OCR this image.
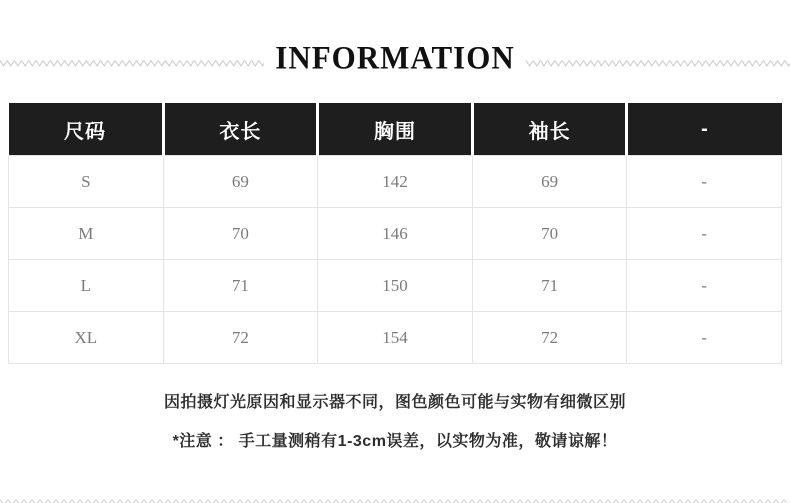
INFORMATION
尺码	衣长	胸围	袖长	-
S	69	142	69	-
M	70	146	70	-
L	71	150	71	-
XL	72	154	72	-
因拍摄灯光原因和显示器不同，图色颜色可能与实物有细微区别
*注意 ： 手工量测稍有1-3cm误差，以实物为准，敬请谅解！
